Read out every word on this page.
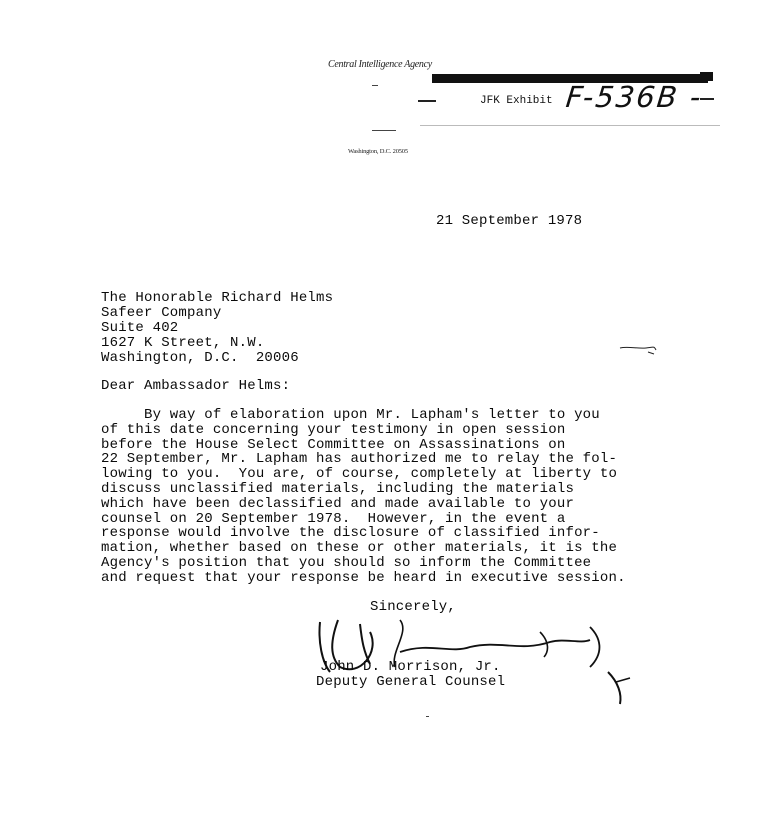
Central Intelligence Agency
Washington, D.C. 20505
JFK Exhibit F-536B -
21 September 1978
The Honorable Richard Helms
Safeer Company
Suite 402
1627 K Street, N.W.
Washington, D.C.  20006
Dear Ambassador Helms:
By way of elaboration upon Mr. Lapham's letter to you
of this date concerning your testimony in open session
before the House Select Committee on Assassinations on
22 September, Mr. Lapham has authorized me to relay the fol-
lowing to you.  You are, of course, completely at liberty to
discuss unclassified materials, including the materials
which have been declassified and made available to your
counsel on 20 September 1978.  However, in the event a
response would involve the disclosure of classified infor-
mation, whether based on these or other materials, it is the
Agency's position that you should so inform the Committee
and request that your response be heard in executive session.
Sincerely,
John D. Morrison, Jr.
Deputy General Counsel
